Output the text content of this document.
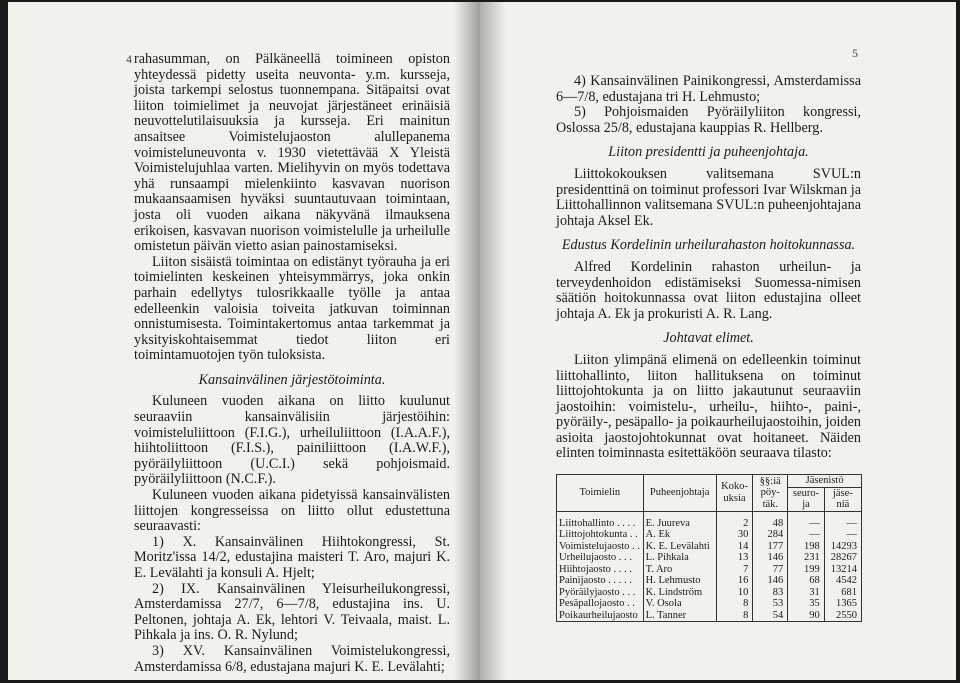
4 rahasumman, on Pälkäneellä toimineen opiston yhteydessä pidetty useita neuvonta- y.m. kursseja, joista tarkempi selostus tuonnempana. Sitäpaitsi ovat liiton toimielimet ja neuvojat järjestäneet erinäisiä neuvottelutilaisuuksia ja kursseja. Eri mainitun ansaitsee Voimistelujaoston alullepanema voimisteluneuvonta v. 1930 vietettävää X Yleistä Voimistelujuhlaa varten. Mielihyvin on myös todettava yhä runsaampi mielenkiinto kasvavan nuorison mukaansaamisen hyväksi suuntautuvaan toimintaan, josta oli vuoden aikana näkyvänä ilmauksena erikoisen, kasvavan nuorison voimistelulle ja urheilulle omistetun päivän vietto asian painostamiseksi.

Liiton sisäistä toimintaa on edistänyt työrauha ja eri toimielinten keskeinen yhteisymmärrys, joka onkin parhain edellytys tulosrikkaalle työlle ja antaa edelleenkin valoisia toiveita jatkuvan toiminnan onnistumisesta. Toimintakertomus antaa tarkemmat ja yksityiskohtaisemmat tiedot liiton eri toimintamuotojen työn tuloksista.

Kansainvälinen järjestötoiminta.

Kuluneen vuoden aikana on liitto kuulunut seuraaviin kansainvälisiin järjestöihin: voimisteluliittoon (F.I.G.), urheiluliittoon (I.A.A.F.), hiihtoliittoon (F.I.S.), painiliittoon (I.A.W.F.), pyöräilyliittoon (U.C.I.) sekä pohjoismaid. pyöräilyliittoon (N.C.F.).

Kuluneen vuoden aikana pidetyissä kansainvälisten liittojen kongresseissa on liitto ollut edustettuna seuraavasti:

1) X. Kansainvälinen Hiihtokongressi, St. Moritz'issa 14/2, edustajina maisteri T. Aro, majuri K. E. Levälahti ja konsuli A. Hjelt;

2) IX. Kansainvälinen Yleisurheilukongressi, Amsterdamissa 27/7, 6—7/8, edustajina ins. U. Peltonen, johtaja A. Ek, lehtori V. Teivaala, maist. L. Pihkala ja ins. O. R. Nylund;

3) XV. Kansainvälinen Voimistelukongressi, Amsterdamissa 6/8, edustajana majuri K. E. Levälahti;

5

4) Kansainvälinen Painikongressi, Amsterdamissa 6—7/8, edustajana tri H. Lehmusto;

5) Pohjoismaiden Pyöräilyliiton kongressi, Oslossa 25/8, edustajana kauppias R. Hellberg.

Liiton presidentti ja puheenjohtaja.

Liittokokouksen valitsemana SVUL:n presidenttinä on toiminut professori Ivar Wilskman ja Liittohallinnon valitsemana SVUL:n puheenjohtajana johtaja Aksel Ek.

Edustus Kordelinin urheilurahaston hoitokunnassa.

Alfred Kordelinin rahaston urheilun- ja terveydenhoidon edistämiseksi Suomessa-nimisen säätiön hoitokunnassa ovat liiton edustajina olleet johtaja A. Ek ja prokuristi A. R. Lang.

Johtavat elimet.

Liiton ylimpänä elimenä on edelleenkin toiminut liittohallinto, liiton hallituksena on toiminut liittojohtokunta ja on liitto jakautunut seuraaviin jaostoihin: voimistelu-, urheilu-, hiihto-, paini-, pyöräily-, pesäpallo- ja poikaurheilujaostoihin, joiden asioita jaostojohtokunnat ovat hoitaneet. Näiden elinten toiminnasta esitettäköön seuraava tilasto:

Toimielin	Puheenjohtaja	Koko- uksia	§§:iä pöy- täk.	Jäsenistö	
				seuro- ja	jäse- niä
Liittohallinto . . . .	E. Juureva	2	48	—	—
Liittojohtokunta . .	A. Ek	30	284	—	—
Voimistelujaosto . .	K. E. Levälahti	14	177	198	14293
Urheilujaosto . . .	L. Pihkala	13	146	231	28267
Hiihtojaosto . . . .	T. Aro	7	77	199	13214
Painijaosto . . . . .	H. Lehmusto	16	146	68	4542
Pyöräilyjaosto . . .	K. Lindström	10	83	31	681
Pesäpallojaosto . .	V. Osola	8	53	35	1365
Poikaurheilujaosto	L. Tanner	8	54	90	2550
